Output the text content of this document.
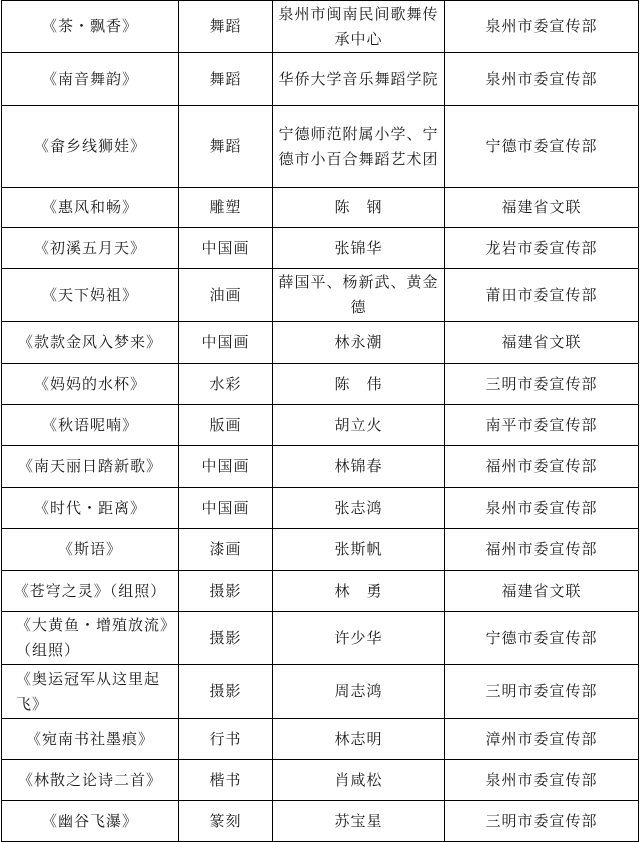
《茶・飘香》	舞蹈	泉州市闽南民间歌舞传承中心	泉州市委宣传部
《南音舞韵》	舞蹈	华侨大学音乐舞蹈学院	泉州市委宣传部
《畲乡线狮娃》	舞蹈	宁德师范附属小学、宁德市小百合舞蹈艺术团	宁德市委宣传部
《惠风和畅》	雕塑	陈　钢	福建省文联
《初溪五月天》	中国画	张锦华	龙岩市委宣传部
《天下妈祖》	油画	薛国平、杨新武、黄金德	莆田市委宣传部
《款款金风入梦来》	中国画	林永潮	福建省文联
《妈妈的水杯》	水彩	陈　伟	三明市委宣传部
《秋语呢喃》	版画	胡立火	南平市委宣传部
《南天丽日踏新歌》	中国画	林锦春	福州市委宣传部
《时代・距离》	中国画	张志鸿	泉州市委宣传部
《斯语》	漆画	张斯帆	福州市委宣传部
《苍穹之灵》（组照）	摄影	林　勇	福建省文联
《大黄鱼・增殖放流》（组照）	摄影	许少华	宁德市委宣传部
《奥运冠军从这里起飞》	摄影	周志鸿	三明市委宣传部
《宛南书社墨痕》	行书	林志明	漳州市委宣传部
《林散之论诗二首》	楷书	肖咸松	泉州市委宣传部
《幽谷飞瀑》	篆刻	苏宝星	三明市委宣传部
